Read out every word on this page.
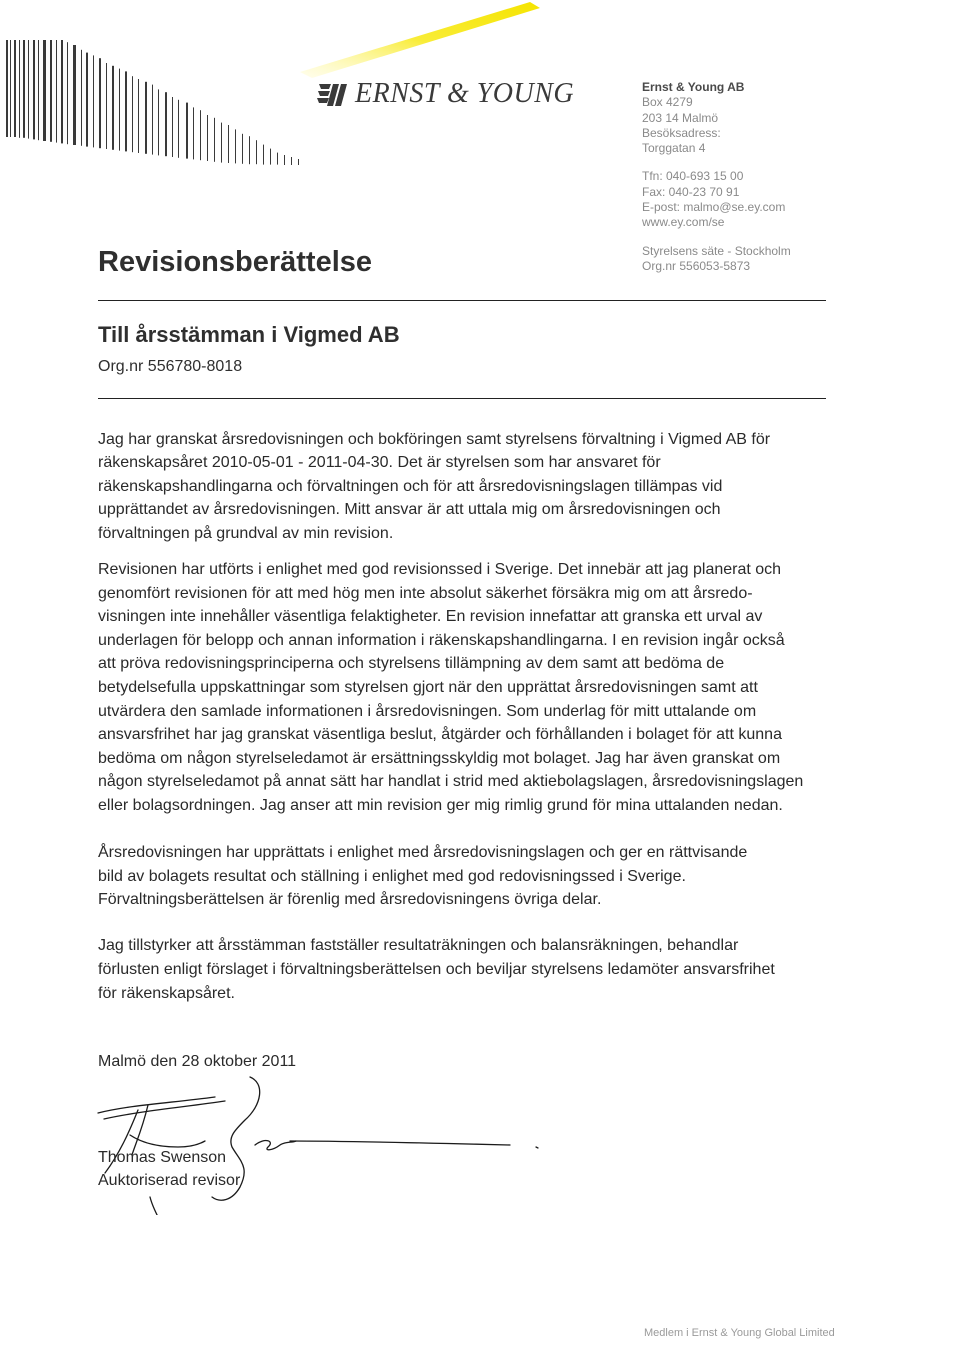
ERNST & YOUNG	Ernst & Young AB
Box 4279
203 14 Malmö
Besöksadress:
Torggatan 4
Tfn: 040-693 15 00
Fax: 040-23 70 91
E-post: malmo@se.ey.com
www.ey.com/se
Styrelsens säte - Stockholm
Org.nr 556053-5873
Revisionsberättelse
Till årsstämman i Vigmed AB
Org.nr 556780-8018
Jag har granskat årsredovisningen och bokföringen samt styrelsens förvaltning i Vigmed AB för
räkenskapsåret 2010-05-01 - 2011-04-30. Det är styrelsen som har ansvaret för
räkenskapshandlingarna och förvaltningen och för att årsredovisningslagen tillämpas vid
upprättandet av årsredovisningen. Mitt ansvar är att uttala mig om årsredovisningen och
förvaltningen på grundval av min revision.
Revisionen har utförts i enlighet med god revisionssed i Sverige. Det innebär att jag planerat och
genomfört revisionen för att med hög men inte absolut säkerhet försäkra mig om att årsredo-
visningen inte innehåller väsentliga felaktigheter. En revision innefattar att granska ett urval av
underlagen för belopp och annan information i räkenskapshandlingarna. I en revision ingår också
att pröva redovisningsprinciperna och styrelsens tillämpning av dem samt att bedöma de
betydelsefulla uppskattningar som styrelsen gjort när den upprättat årsredovisningen samt att
utvärdera den samlade informationen i årsredovisningen. Som underlag för mitt uttalande om
ansvarsfrihet har jag granskat väsentliga beslut, åtgärder och förhållanden i bolaget för att kunna
bedöma om någon styrelseledamot är ersättningsskyldig mot bolaget. Jag har även granskat om
någon styrelseledamot på annat sätt har handlat i strid med aktiebolagslagen, årsredovisningslagen
eller bolagsordningen. Jag anser att min revision ger mig rimlig grund för mina uttalanden nedan.
Årsredovisningen har upprättats i enlighet med årsredovisningslagen och ger en rättvisande
bild av bolagets resultat och ställning i enlighet med god redovisningssed i Sverige.
Förvaltningsberättelsen är förenlig med årsredovisningens övriga delar.
Jag tillstyrker att årsstämman fastställer resultaträkningen och balansräkningen, behandlar
förlusten enligt förslaget i förvaltningsberättelsen och beviljar styrelsens ledamöter ansvarsfrihet
för räkenskapsåret.
Malmö den 28 oktober 2011
Thomas Swenson
Auktoriserad revisor
Medlem i Ernst & Young Global Limited
